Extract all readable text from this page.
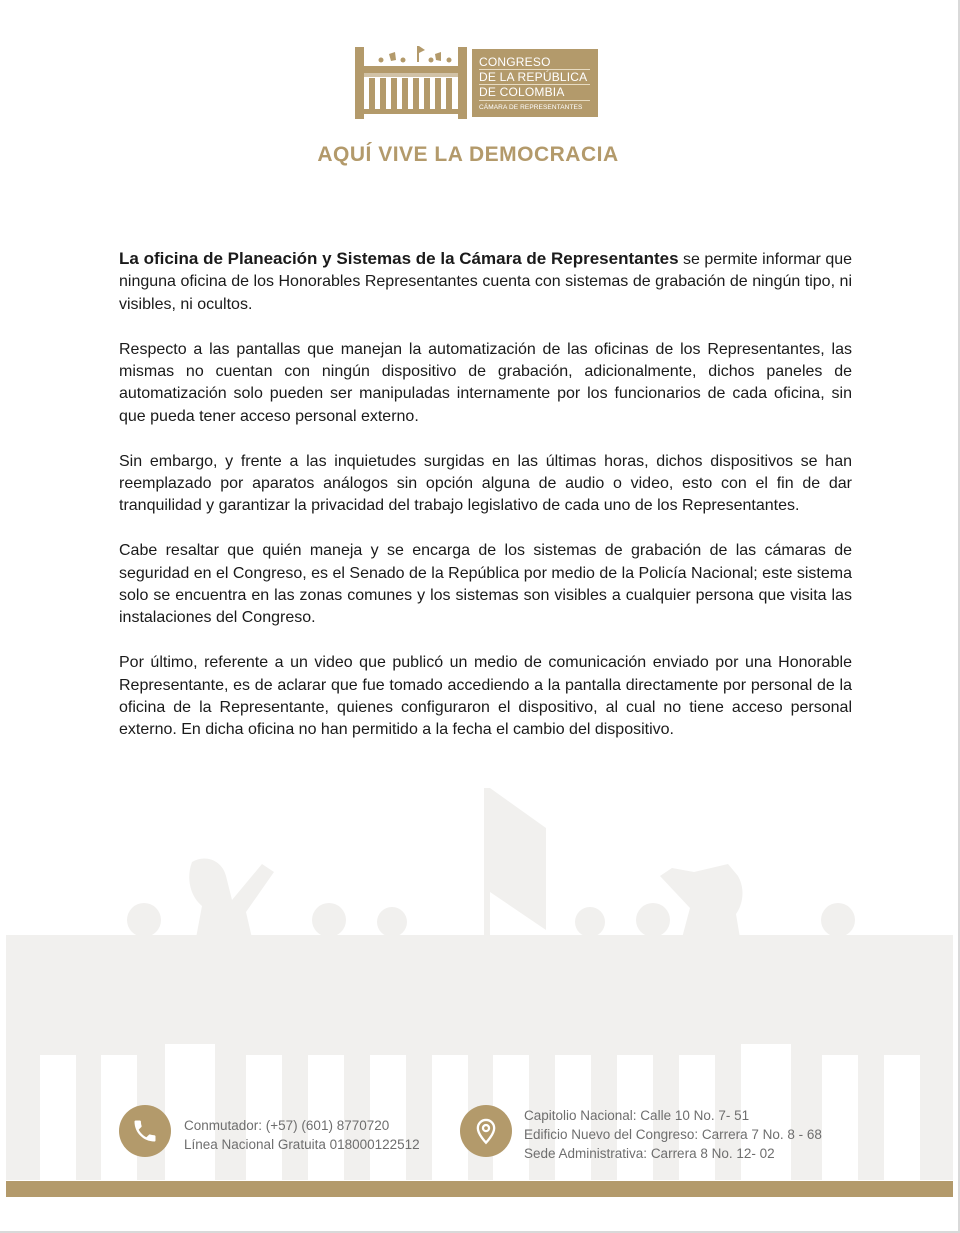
CONGRESO
DE LA REPÚBLICA
DE COLOMBIA
CÁMARA DE REPRESENTANTES
AQUÍ VIVE LA DEMOCRACIA

La oficina de Planeación y Sistemas de la Cámara de Representantes se permite informar que ninguna oficina de los Honorables Representantes cuenta con sistemas de grabación de ningún tipo, ni visibles, ni ocultos.

Respecto a las pantallas que manejan la automatización de las oficinas de los Representantes, las mismas no cuentan con ningún dispositivo de grabación, adicionalmente, dichos paneles de automatización solo pueden ser manipuladas internamente por los funcionarios de cada oficina, sin que pueda tener acceso personal externo.

Sin embargo, y frente a las inquietudes surgidas en las últimas horas, dichos dispositivos se han reemplazado por aparatos análogos sin opción alguna de audio o video, esto con el fin de dar tranquilidad y garantizar la privacidad del trabajo legislativo de cada uno de los Representantes.

Cabe resaltar que quién maneja y se encarga de los sistemas de grabación de las cámaras de seguridad en el Congreso, es el Senado de la República por medio de la Policía Nacional; este sistema solo se encuentra en las zonas comunes y los sistemas son visibles a cualquier persona que visita las instalaciones del Congreso.

Por último, referente a un video que publicó un medio de comunicación enviado por una Honorable Representante, es de aclarar que fue tomado accediendo a la pantalla directamente por personal de la oficina de la Representante, quienes configuraron el dispositivo, al cual no tiene acceso personal externo. En dicha oficina no han permitido a la fecha el cambio del dispositivo.

Conmutador: (+57) (601) 8770720
Línea Nacional Gratuita 018000122512
Capitolio Nacional: Calle 10 No. 7- 51
Edificio Nuevo del Congreso: Carrera 7 No. 8 - 68
Sede Administrativa: Carrera 8 No. 12- 02
